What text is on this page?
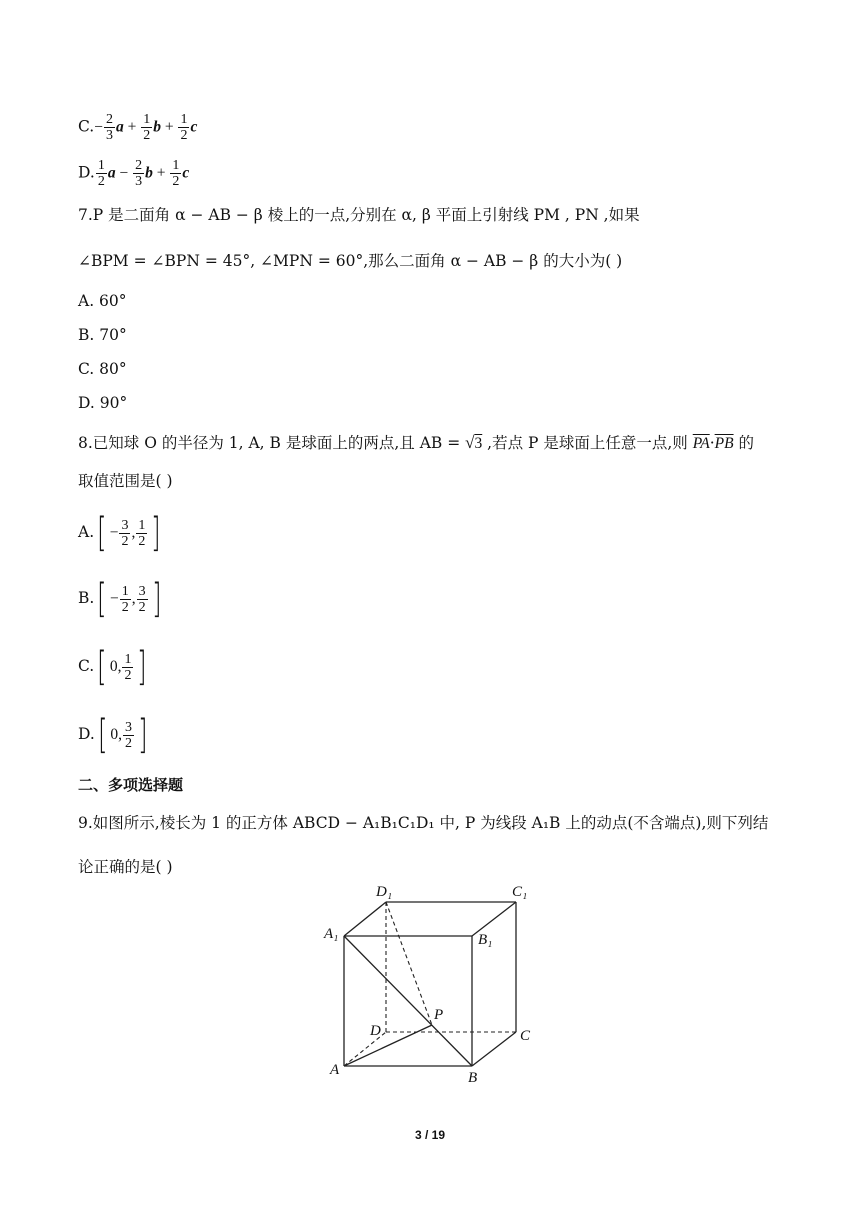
$C.- \frac{2}{3}$ $a + \frac{1}{2}$ $b + \frac{1}{2}$ c
D. $\frac{1}{2}$ $a - \frac{2}{3}$ $b + \frac{1}{2}$ c
7.P 是二面角 α − AB − β 棱上的一点,分别在 α, β 平面上引射线 PM , PN ,如果
∠BPM = ∠BPN = 45°, ∠MPN = 60°,那么二面角 α − AB − β 的大小为( )
A. 60°
B. 70°
C. 80°
D. 90°
8.已知球 O 的半径为 1, A, B 是球面上的两点,且 AB = √3 ,若点 P 是球面上任意一点,则 $\overline{PA}\cdot\overline{PB}$ 的
取值范围是( )
$A.[ - \frac{3}{2}$ , $\frac{1}{2}$ ]
$B.[ - \frac{1}{2}$ , $\frac{3}{2}$ ]
C.[ 0, $\frac{1}{2}$ ]
D.[ 0, $\frac{3}{2}$ ]
二、多项选择题
9.如图所示,棱长为 1 的正方体 ABCD − A₁B₁C₁D₁ 中, P 为线段 A₁B 上的动点(不含端点),则下列结
论正确的是( )
D₁	C₁
A₁	B₁
P
D	C
A	B
3 / 19
